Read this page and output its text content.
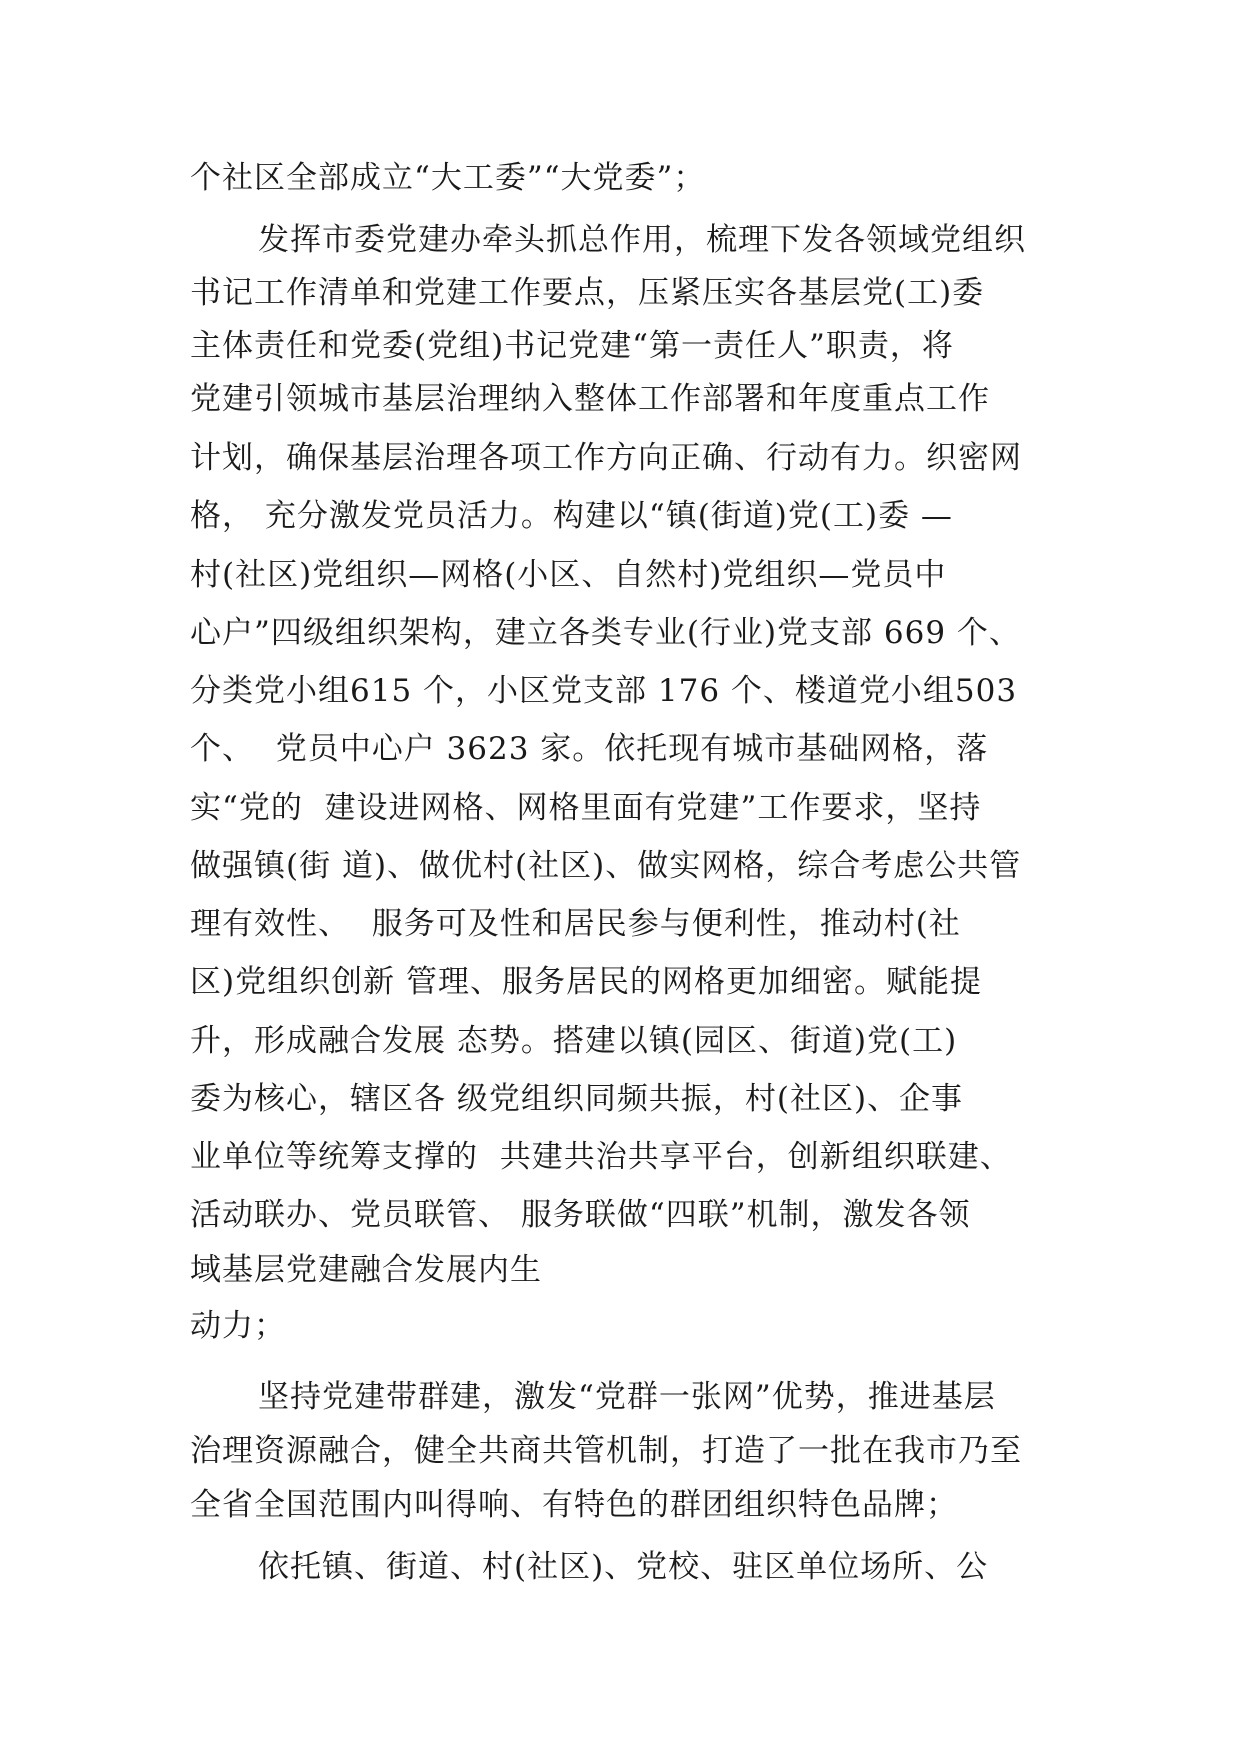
个社区全部成立“大工委”“大党委”；
发挥市委党建办牵头抓总作用，梳理下发各领域党组织
书记工作清单和党建工作要点，压紧压实各基层党(工)委
主体责任和党委(党组)书记党建“第一责任人”职责，将
党建引领城市基层治理纳入整体工作部署和年度重点工作
计划，确保基层治理各项工作方向正确、行动有力。织密网
格， 充分激发党员活力。构建以“镇(街道)党(工)委 —
村(社区)党组织—网格(小区、自然村)党组织—党员中
心户”四级组织架构，建立各类专业(行业)党支部 669 个、
分类党小组615 个，小区党支部 176 个、楼道党小组503
个、  党员中心户 3623 家。依托现有城市基础网格，落
实“党的  建设进网格、网格里面有党建”工作要求，坚持
做强镇(街 道)、做优村(社区)、做实网格，综合考虑公共管
理有效性、  服务可及性和居民参与便利性，推动村(社
区)党组织创新 管理、服务居民的网格更加细密。赋能提
升，形成融合发展 态势。搭建以镇(园区、街道)党(工)
委为核心，辖区各 级党组织同频共振，村(社区)、企事
业单位等统筹支撑的  共建共治共享平台，创新组织联建、
活动联办、党员联管、 服务联做“四联”机制，激发各领
域基层党建融合发展内生
动力；
坚持党建带群建，激发“党群一张网”优势，推进基层
治理资源融合，健全共商共管机制，打造了一批在我市乃至
全省全国范围内叫得响、有特色的群团组织特色品牌；
依托镇、街道、村(社区)、党校、驻区单位场所、公
